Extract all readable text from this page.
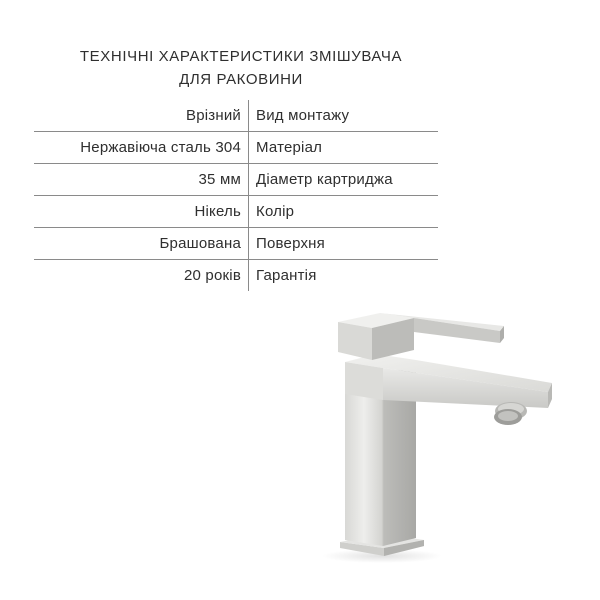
ТЕХНІЧНІ ХАРАКТЕРИСТИКИ ЗМІШУВАЧА
ДЛЯ РАКОВИНИ
Врізний	Вид монтажу
Нержавіюча сталь 304	Матеріал
35 мм	Діаметр картриджа
Нікель	Колір
Брашована	Поверхня
20 років	Гарантія
